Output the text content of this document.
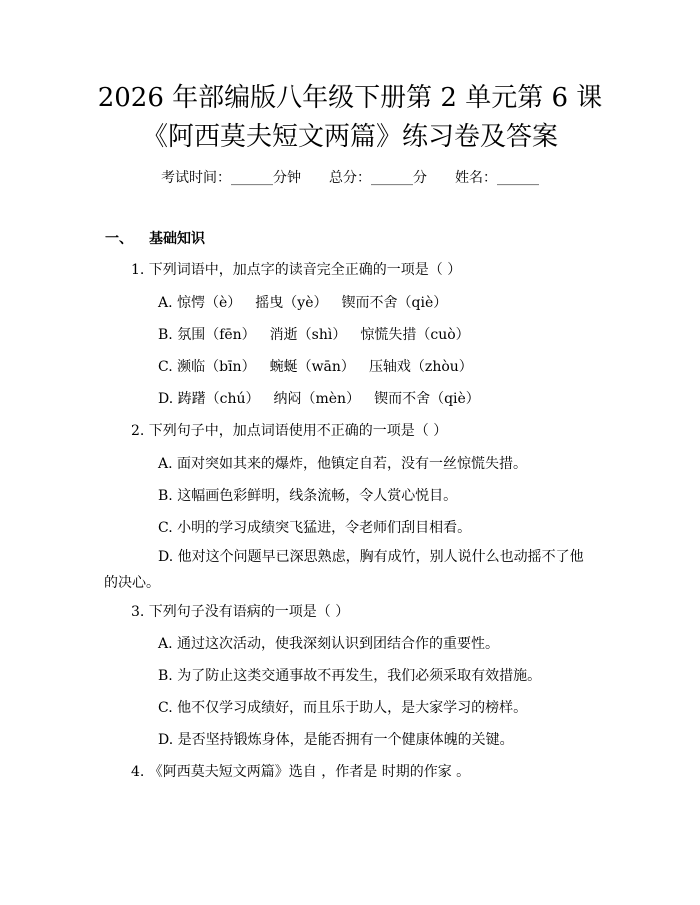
2026 年部编版八年级下册第 2 单元第 6 课
《阿西莫夫短文两篇》练习卷及答案
考试时间：______分钟 总分：______分 姓名：______
一、 基础知识
1. 下列词语中，加点字的读音完全正确的一项是（ ）
A. 惊愕（è） 摇曳（yè） 锲而不舍（qiè）
B. 氛围（fēn） 消逝（shì） 惊慌失措（cuò）
C. 濒临（bīn） 蜿蜒（wān） 压轴戏（zhòu）
D. 踌躇（chú） 纳闷（mèn） 锲而不舍（qiè）
2. 下列句子中，加点词语使用不正确的一项是（ ）
A. 面对突如其来的爆炸，他镇定自若，没有一丝惊慌失措。
B. 这幅画色彩鲜明，线条流畅，令人赏心悦目。
C. 小明的学习成绩突飞猛进，令老师们刮目相看。
D. 他对这个问题早已深思熟虑，胸有成竹，别人说什么也动摇不了他的决心。
3. 下列句子没有语病的一项是（ ）
A. 通过这次活动，使我深刻认识到团结合作的重要性。
B. 为了防止这类交通事故不再发生，我们必须采取有效措施。
C. 他不仅学习成绩好，而且乐于助人，是大家学习的榜样。
D. 是否坚持锻炼身体，是能否拥有一个健康体魄的关键。
4. 《阿西莫夫短文两篇》选自 ，作者是 时期的作家 。
